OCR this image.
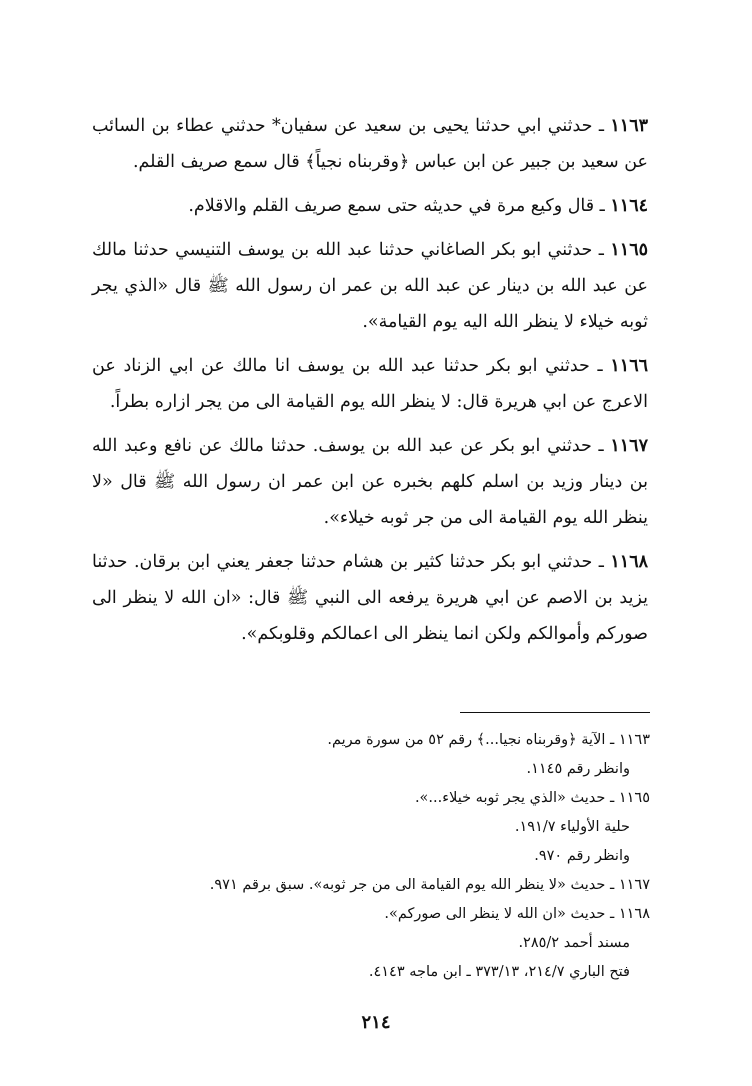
١١٦٣ ـ حدثني ابي حدثنا يحيى بن سعيد عن سفيان* حدثني عطاء بن السائب عن سعيد بن جبير عن ابن عباس ﴿وقربناه نجياً﴾ قال سمع صريف القلم.

١١٦٤ ـ قال وكيع مرة في حديثه حتى سمع صريف القلم والاقلام.

١١٦٥ ـ حدثني ابو بكر الصاغاني حدثنا عبد الله بن يوسف التنيسي حدثنا مالك عن عبد الله بن دينار عن عبد الله بن عمر ان رسول الله ﷺ قال «الذي يجر ثوبه خيلاء لا ينظر الله اليه يوم القيامة».

١١٦٦ ـ حدثني ابو بكر حدثنا عبد الله بن يوسف انا مالك عن ابي الزناد عن الاعرج عن ابي هريرة قال: لا ينظر الله يوم القيامة الى من يجر ازاره بطراً.

١١٦٧ ـ حدثني ابو بكر عن عبد الله بن يوسف. حدثنا مالك عن نافع وعبد الله بن دينار وزيد بن اسلم كلهم بخبره عن ابن عمر ان رسول الله ﷺ قال «لا ينظر الله يوم القيامة الى من جر ثوبه خيلاء».

١١٦٨ ـ حدثني ابو بكر حدثنا كثير بن هشام حدثنا جعفر يعني ابن برقان. حدثنا يزيد بن الاصم عن ابي هريرة يرفعه الى النبي ﷺ قال: «ان الله لا ينظر الى صوركم وأموالكم ولكن انما ينظر الى اعمالكم وقلوبكم».

١١٦٣ ـ الآية ﴿وقربناه نجيا...﴾ رقم ٥٢ من سورة مريم.
وانظر رقم ١١٤٥.
١١٦٥ ـ حديث «الذي يجر ثوبه خيلاء...».
حلية الأولياء ١٩١/٧.
وانظر رقم ٩٧٠.
١١٦٧ ـ حديث «لا ينظر الله يوم القيامة الى من جر ثوبه». سبق برقم ٩٧١.
١١٦٨ ـ حديث «ان الله لا ينظر الى صوركم».
مسند أحمد ٢٨٥/٢.
فتح الباري ٢١٤/٧، ٣٧٣/١٣ ـ ابن ماجه ٤١٤٣.
٢١٤
